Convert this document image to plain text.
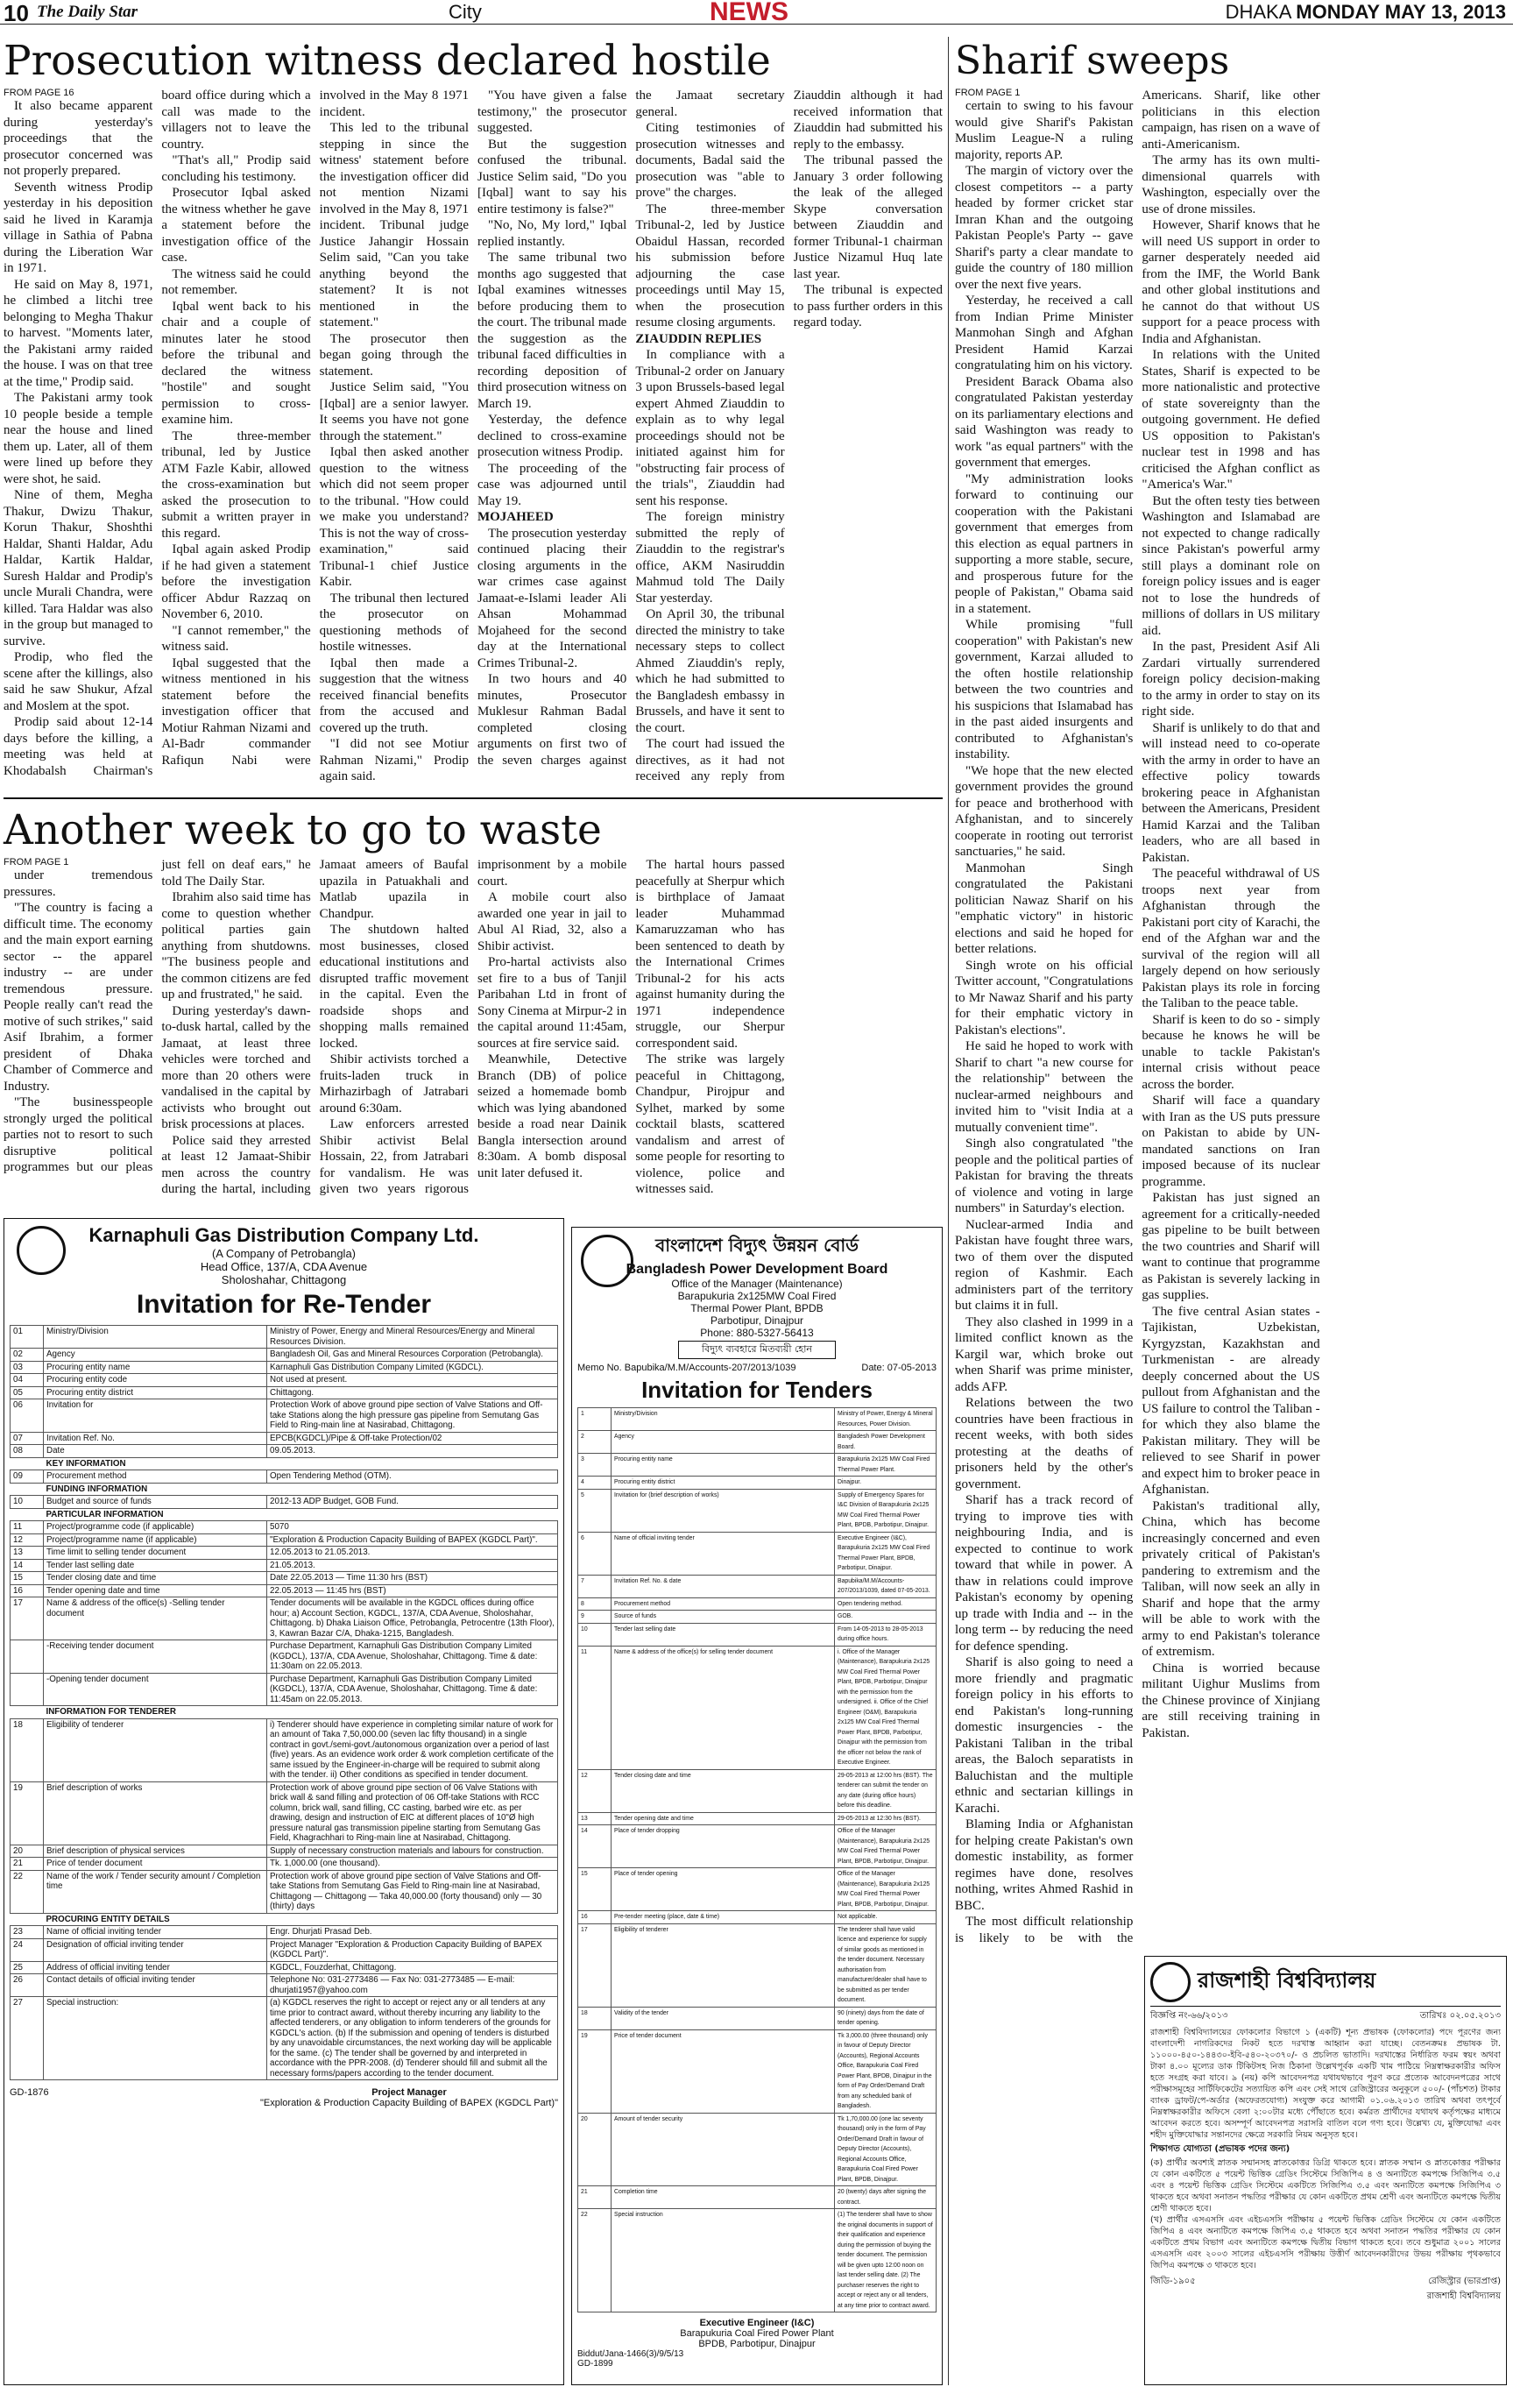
10 The Daily Star	City	NEWS	DHAKA MONDAY MAY 13, 2013
Prosecution witness declared hostile
FROM PAGE 16

It also became apparent during yesterday's proceedings that the prosecutor concerned was not properly prepared.

Seventh witness Prodip yesterday in his deposition said he lived in Karamja village in Sathia of Pabna during the Liberation War in 1971.

He said on May 8, 1971, he climbed a litchi tree belonging to Megha Thakur to harvest. "Moments later, the Pakistani army raided the house. I was on that tree at the time," Prodip said.

The Pakistani army took 10 people beside a temple near the house and lined them up. Later, all of them were lined up before they were shot, he said.

Nine of them, Megha Thakur, Dwizu Thakur, Korun Thakur, Shoshthi Haldar, Shanti Haldar, Adu Haldar, Kartik Haldar, Suresh Haldar and Prodip's uncle Murali Chandra, were killed. Tara Haldar was also in the group but managed to survive.

Prodip, who fled the scene after the killings, also said he saw Shukur, Afzal and Moslem at the spot.

Prodip said about 12-14 days before the killing, a meeting was held at Khodabalsh Chairman's board office during which a call was made to the villagers not to leave the country.

"That's all," Prodip said concluding his testimony.

Prosecutor Iqbal asked the witness whether he gave a statement before the investigation office of the case.

The witness said he could not remember.

Iqbal went back to his chair and a couple of minutes later he stood before the tribunal and declared the witness "hostile" and sought permission to cross-examine him.

The three-member tribunal, led by Justice ATM Fazle Kabir, allowed the cross-examination but asked the prosecution to submit a written prayer in this regard.

Iqbal again asked Prodip if he had given a statement before the investigation officer Abdur Razzaq on November 6, 2010.

"I cannot remember," the witness said.

Iqbal suggested that the witness mentioned in his statement before the investigation officer that Motiur Rahman Nizami and Al-Badr commander Rafiqun Nabi were involved in the May 8 1971 incident.

This led to the tribunal stepping in since the witness' statement before the investigation officer did not mention Nizami involved in the May 8, 1971 incident. Tribunal judge Justice Jahangir Hossain Selim said, "Can you take anything beyond the statement? It is not mentioned in the statement."

The prosecutor then began going through the statement.

Justice Selim said, "You [Iqbal] are a senior lawyer. It seems you have not gone through the statement."

Iqbal then asked another question to the witness which did not seem proper to the tribunal. "How could we make you understand? This is not the way of cross-examination," said Tribunal-1 chief Justice Kabir.

The tribunal then lectured the prosecutor on questioning methods of hostile witnesses.

Iqbal then made a suggestion that the witness received financial benefits from the accused and covered up the truth.

"I did not see Motiur Rahman Nizami," Prodip again said.

"You have given a false testimony," the prosecutor suggested.

But the suggestion confused the tribunal. Justice Selim said, "Do you [Iqbal] want to say his entire testimony is false?"

"No, No, My lord," Iqbal replied instantly.

The same tribunal two months ago suggested that Iqbal examines witnesses before producing them to the court. The tribunal made the suggestion as the tribunal faced difficulties in recording deposition of third prosecution witness on March 19.

Yesterday, the defence declined to cross-examine prosecution witness Prodip.

The proceeding of the case was adjourned until May 19.

MOJAHEED

The prosecution yesterday continued placing their closing arguments in the war crimes case against Jamaat-e-Islami leader Ali Ahsan Mohammad Mojaheed for the second day at the International Crimes Tribunal-2.

In two hours and 40 minutes, Prosecutor Muklesur Rahman Badal completed closing arguments on first two of the seven charges against the Jamaat secretary general.

Citing testimonies of prosecution witnesses and documents, Badal said the prosecution was "able to prove" the charges.

The three-member Tribunal-2, led by Justice Obaidul Hassan, recorded his submission before adjourning the case proceedings until May 15, when the prosecution resume closing arguments.

ZIAUDDIN REPLIES

In compliance with a Tribunal-2 order on January 3 upon Brussels-based legal expert Ahmed Ziauddin to explain as to why legal proceedings should not be initiated against him for "obstructing fair process of the trials", Ziauddin had sent his response.

The foreign ministry submitted the reply of Ziauddin to the registrar's office, AKM Nasiruddin Mahmud told The Daily Star yesterday.

On April 30, the tribunal directed the ministry to take necessary steps to collect Ahmed Ziauddin's reply, which he had submitted to the Bangladesh embassy in Brussels, and have it sent to the court.

The court had issued the directives, as it had not received any reply from Ziauddin although it had received information that Ziauddin had submitted his reply to the embassy.

The tribunal passed the January 3 order following the leak of the alleged Skype conversation between Ziauddin and former Tribunal-1 chairman Justice Nizamul Huq late last year.

The tribunal is expected to pass further orders in this regard today.

Another week to go to waste
FROM PAGE 1

under tremendous pressures.

"The country is facing a difficult time. The economy and the main export earning sector -- the apparel industry -- are under tremendous pressure. People really can't read the motive of such strikes," said Asif Ibrahim, a former president of Dhaka Chamber of Commerce and Industry.

"The businesspeople strongly urged the political parties not to resort to such disruptive political programmes but our pleas just fell on deaf ears," he told The Daily Star.

Ibrahim also said time has come to question whether political parties gain anything from shutdowns. "The business people and the common citizens are fed up and frustrated," he said.

During yesterday's dawn-to-dusk hartal, called by the Jamaat, at least three vehicles were torched and more than 20 others were vandalised in the capital by activists who brought out brisk processions at places.

Police said they arrested at least 12 Jamaat-Shibir men across the country during the hartal, including Jamaat ameers of Baufal upazila in Patuakhali and Matlab upazila in Chandpur.

The shutdown halted most businesses, closed educational institutions and disrupted traffic movement in the capital. Even the roadside shops and shopping malls remained locked.

Shibir activists torched a fruits-laden truck in Mirhazirbagh of Jatrabari around 6:30am.

Law enforcers arrested Shibir activist Belal Hossain, 22, from Jatrabari for vandalism. He was given two years rigorous imprisonment by a mobile court.

A mobile court also awarded one year in jail to Abul Al Riad, 32, also a Shibir activist.

Pro-hartal activists also set fire to a bus of Tanjil Paribahan Ltd in front of Sony Cinema at Mirpur-2 in the capital around 11:45am, sources at fire service said.

Meanwhile, Detective Branch (DB) of police seized a homemade bomb which was lying abandoned beside a road near Dainik Bangla intersection around 8:30am. A bomb disposal unit later defused it.

The hartal hours passed peacefully at Sherpur which is birthplace of Jamaat leader Muhammad Kamaruzzaman who has been sentenced to death by the International Crimes Tribunal-2 for his acts against humanity during the 1971 independence struggle, our Sherpur correspondent said.

The strike was largely peaceful in Chittagong, Chandpur, Pirojpur and Sylhet, marked by some cocktail blasts, scattered vandalism and arrest of some people for resorting to violence, police and witnesses said.

Sharif sweeps
FROM PAGE 1

certain to swing to his favour would give Sharif's Pakistan Muslim League-N a ruling majority, reports AP.

The margin of victory over the closest competitors -- a party headed by former cricket star Imran Khan and the outgoing Pakistan People's Party -- gave Sharif's party a clear mandate to guide the country of 180 million over the next five years.

Yesterday, he received a call from Indian Prime Minister Manmohan Singh and Afghan President Hamid Karzai congratulating him on his victory.

President Barack Obama also congratulated Pakistan yesterday on its parliamentary elections and said Washington was ready to work "as equal partners" with the government that emerges.

"My administration looks forward to continuing our cooperation with the Pakistani government that emerges from this election as equal partners in supporting a more stable, secure, and prosperous future for the people of Pakistan," Obama said in a statement.

While promising "full cooperation" with Pakistan's new government, Karzai alluded to the often hostile relationship between the two countries and his suspicions that Islamabad has in the past aided insurgents and contributed to Afghanistan's instability.

"We hope that the new elected government provides the ground for peace and brotherhood with Afghanistan, and to sincerely cooperate in rooting out terrorist sanctuaries," he said.

Manmohan Singh congratulated the Pakistani politician Nawaz Sharif on his "emphatic victory" in historic elections and said he hoped for better relations.

Singh wrote on his official Twitter account, "Congratulations to Mr Nawaz Sharif and his party for their emphatic victory in Pakistan's elections".

He said he hoped to work with Sharif to chart "a new course for the relationship" between the nuclear-armed neighbours and invited him to "visit India at a mutually convenient time".

Singh also congratulated "the people and the political parties of Pakistan for braving the threats of violence and voting in large numbers" in Saturday's election.

Nuclear-armed India and Pakistan have fought three wars, two of them over the disputed region of Kashmir. Each administers part of the territory but claims it in full.

They also clashed in 1999 in a limited conflict known as the Kargil war, which broke out when Sharif was prime minister, adds AFP.

Relations between the two countries have been fractious in recent weeks, with both sides protesting at the deaths of prisoners held by the other's government.

Sharif has a track record of trying to improve ties with neighbouring India, and is expected to continue to work toward that while in power. A thaw in relations could improve Pakistan's economy by opening up trade with India and -- in the long term -- by reducing the need for defence spending.

Sharif is also going to need a more friendly and pragmatic foreign policy in his efforts to end Pakistan's long-running domestic insurgencies - the Pakistani Taliban in the tribal areas, the Baloch separatists in Baluchistan and the multiple ethnic and sectarian killings in Karachi.

Blaming India or Afghanistan for helping create Pakistan's own domestic instability, as former regimes have done, resolves nothing, writes Ahmed Rashid in BBC.

The most difficult relationship is likely to be with the Americans. Sharif, like other politicians in this election campaign, has risen on a wave of anti-Americanism.

The army has its own multi-dimensional quarrels with Washington, especially over the use of drone missiles.

However, Sharif knows that he will need US support in order to garner desperately needed aid from the IMF, the World Bank and other global institutions and he cannot do that without US support for a peace process with India and Afghanistan.

In relations with the United States, Sharif is expected to be more nationalistic and protective of state sovereignty than the outgoing government. He defied US opposition to Pakistan's nuclear test in 1998 and has criticised the Afghan conflict as "America's War."

But the often testy ties between Washington and Islamabad are not expected to change radically since Pakistan's powerful army still plays a dominant role on foreign policy issues and is eager not to lose the hundreds of millions of dollars in US military aid.

In the past, President Asif Ali Zardari virtually surrendered foreign policy decision-making to the army in order to stay on its right side.

Sharif is unlikely to do that and will instead need to co-operate with the army in order to have an effective policy towards brokering peace in Afghanistan between the Americans, President Hamid Karzai and the Taliban leaders, who are all based in Pakistan.

The peaceful withdrawal of US troops next year from Afghanistan through the Pakistani port city of Karachi, the end of the Afghan war and the survival of the region will all largely depend on how seriously Pakistan plays its role in forcing the Taliban to the peace table.

Sharif is keen to do so - simply because he knows he will be unable to tackle Pakistan's internal crisis without peace across the border.

Sharif will face a quandary with Iran as the US puts pressure on Pakistan to abide by UN-mandated sanctions on Iran imposed because of its nuclear programme.

Pakistan has just signed an agreement for a critically-needed gas pipeline to be built between the two countries and Sharif will want to continue that programme as Pakistan is severely lacking in gas supplies.

The five central Asian states - Tajikistan, Uzbekistan, Kyrgyzstan, Kazakhstan and Turkmenistan - are already deeply concerned about the US pullout from Afghanistan and the US failure to control the Taliban - for which they also blame the Pakistan military. They will be relieved to see Sharif in power and expect him to broker peace in Afghanistan.

Pakistan's traditional ally, China, which has become increasingly concerned and even privately critical of Pakistan's pandering to extremism and the Taliban, will now seek an ally in Sharif and hope that the army will be able to work with the army to end Pakistan's tolerance of extremism.

China is worried because militant Uighur Muslims from the Chinese province of Xinjiang are still receiving training in Pakistan.

Karnaphuli Gas Distribution Company Ltd.
(A Company of Petrobangla)
Head Office, 137/A, CDA Avenue
Sholoshahar, Chittagong
Invitation for Re-Tender
01	Ministry/Division	Ministry of Power, Energy and Mineral Resources/Energy and Mineral Resources Division.
02	Agency	Bangladesh Oil, Gas and Mineral Resources Corporation (Petrobangla).
03	Procuring entity name	Karnaphuli Gas Distribution Company Limited (KGDCL).
04	Procuring entity code	Not used at present.
05	Procuring entity district	Chittagong.
06	Invitation for	Protection Work of above ground pipe section of Valve Stations and Off-take Stations along the high pressure gas pipeline from Semutang Gas Field to Ring-main line at Nasirabad, Chittagong.
07	Invitation Ref. No.	EPCB(KGDCL)/Pipe & Off-take Protection/02
08	Date	09.05.2013.
	KEY INFORMATION	
09	Procurement method	Open Tendering Method (OTM).
	FUNDING INFORMATION	
10	Budget and source of funds	2012-13 ADP Budget, GOB Fund.
	PARTICULAR INFORMATION	
11	Project/programme code (if applicable)	5070
12	Project/programme name (if applicable)	"Exploration & Production Capacity Building of BAPEX (KGDCL Part)".
13	Time limit to selling tender document	12.05.2013 to 21.05.2013.
14	Tender last selling date	21.05.2013.
15	Tender closing date and time	Date 22.05.2013 — Time 11:30 hrs (BST)
16	Tender opening date and time	22.05.2013 — 11:45 hrs (BST)
17	Name & address of the office(s) -Selling tender document	Tender documents will be available in the KGDCL offices during office hour; a) Account Section, KGDCL, 137/A, CDA Avenue, Sholoshahar, Chittagong. b) Dhaka Liaison Office, Petrobangla, Petrocentre (13th Floor), 3, Kawran Bazar C/A, Dhaka-1215, Bangladesh.
	-Receiving tender document	Purchase Department, Karnaphuli Gas Distribution Company Limited (KGDCL), 137/A, CDA Avenue, Sholoshahar, Chittagong. Time & date: 11:30am on 22.05.2013.
	-Opening tender document	Purchase Department, Karnaphuli Gas Distribution Company Limited (KGDCL), 137/A, CDA Avenue, Sholoshahar, Chittagong. Time & date: 11:45am on 22.05.2013.
	INFORMATION FOR TENDERER	
18	Eligibility of tenderer	i) Tenderer should have experience in completing similar nature of work for an amount of Taka 7,50,000.00 (seven lac fifty thousand) in a single contract in govt./semi-govt./autonomous organization over a period of last (five) years. As an evidence work order & work completion certificate of the same issued by the Engineer-in-charge will be required to submit along with the tender. ii) Other conditions as specified in tender document.
19	Brief description of works	Protection work of above ground pipe section of 06 Valve Stations with brick wall & sand filling and protection of 06 Off-take Stations with RCC column, brick wall, sand filling, CC casting, barbed wire etc. as per drawing, design and instruction of EIC at different places of 10"Ø high pressure natural gas transmission pipeline starting from Semutang Gas Field, Khagrachhari to Ring-main line at Nasirabad, Chittagong.
20	Brief description of physical services	Supply of necessary construction materials and labours for construction.
21	Price of tender document	Tk. 1,000.00 (one thousand).
22	Name of the work / Tender security amount / Completion time	Protection work of above ground pipe section of Valve Stations and Off-take Stations from Semutang Gas Field to Ring-main line at Nasirabad, Chittagong — Chittagong — Taka 40,000.00 (forty thousand) only — 30 (thirty) days
	PROCURING ENTITY DETAILS	
23	Name of official inviting tender	Engr. Dhurjati Prasad Deb.
24	Designation of official inviting tender	Project Manager "Exploration & Production Capacity Building of BAPEX (KGDCL Part)".
25	Address of official inviting tender	KGDCL, Fouzderhat, Chittagong.
26	Contact details of official inviting tender	Telephone No: 031-2773486 — Fax No: 031-2773485 — E-mail: dhurjati1957@yahoo.com
27	Special instruction:	(a) KGDCL reserves the right to accept or reject any or all tenders at any time prior to contract award, without thereby incurring any liability to the affected tenderers, or any obligation to inform tenderers of the grounds for KGDCL's action. (b) If the submission and opening of tenders is disturbed by any unavoidable circumstances, the next working day will be applicable for the same. (c) The tender shall be governed by and interpreted in accordance with the PPR-2008. (d) Tenderer should fill and submit all the necessary forms/papers according to the tender document.
GD-1876	Project Manager
"Exploration & Production Capacity Building of BAPEX (KGDCL Part)"
বাংলাদেশ বিদ্যুৎ উন্নয়ন বোর্ড
Bangladesh Power Development Board
Office of the Manager (Maintenance)
Barapukuria 2x125MW Coal Fired
Thermal Power Plant, BPDB
Parbotipur, Dinajpur
Phone: 880-5327-56413
বিদ্যুৎ ব্যবহারে মিতব্যয়ী হোন
Memo No. Bapubika/M.M/Accounts-207/2013/1039	Date: 07-05-2013
Invitation for Tenders
1	Ministry/Division	Ministry of Power, Energy & Mineral Resources, Power Division.
2	Agency	Bangladesh Power Development Board.
3	Procuring entity name	Barapukuria 2x125 MW Coal Fired Thermal Power Plant.
4	Procuring entity district	Dinajpur.
5	Invitation for (brief description of works)	Supply of Emergency Spares for I&C Division of Barapukuria 2x125 MW Coal Fired Thermal Power Plant, BPDB, Parbotipur, Dinajpur.
6	Name of official inviting tender	Executive Engineer (I&C), Barapukuria 2x125 MW Coal Fired Thermal Power Plant, BPDB, Parbotipur, Dinajpur.
7	Invitation Ref. No. & date	Bapubika/M.M/Accounts-207/2013/1039, dated 07-05-2013.
8	Procurement method	Open tendering method.
9	Source of funds	GOB.
10	Tender last selling date	From 14-05-2013 to 28-05-2013 during office hours.
11	Name & address of the office(s) for selling tender document	i. Office of the Manager (Maintenance), Barapukuria 2x125 MW Coal Fired Thermal Power Plant, BPDB, Parbotipur, Dinajpur with the permission from the undersigned. ii. Office of the Chief Engineer (O&M), Barapukuria 2x125 MW Coal Fired Thermal Power Plant, BPDB, Parbotipur, Dinajpur with the permission from the officer not below the rank of Executive Engineer.
12	Tender closing date and time	29-05-2013 at 12:00 hrs (BST). The tenderer can submit the tender on any date (during office hours) before this deadline.
13	Tender opening date and time	29-05-2013 at 12:30 hrs (BST).
14	Place of tender dropping	Office of the Manager (Maintenance), Barapukuria 2x125 MW Coal Fired Thermal Power Plant, BPDB, Parbotipur, Dinajpur.
15	Place of tender opening	Office of the Manager (Maintenance), Barapukuria 2x125 MW Coal Fired Thermal Power Plant, BPDB, Parbotipur, Dinajpur.
16	Pre-tender meeting (place, date & time)	Not applicable.
17	Eligibility of tenderer	The tenderer shall have valid licence and experience for supply of similar goods as mentioned in the tender document. Necessary authorisation from manufacturer/dealer shall have to be submitted as per tender document.
18	Validity of the tender	90 (ninety) days from the date of tender opening.
19	Price of tender document	Tk 3,000.00 (three thousand) only in favour of Deputy Director (Accounts), Regional Accounts Office, Barapukuria Coal Fired Power Plant, BPDB, Dinajpur in the form of Pay Order/Demand Draft from any scheduled bank of Bangladesh.
20	Amount of tender security	Tk 1,70,000.00 (one lac seventy thousand) only in the form of Pay Order/Demand Draft in favour of Deputy Director (Accounts), Regional Accounts Office, Barapukuria Coal Fired Power Plant, BPDB, Dinajpur.
21	Completion time	20 (twenty) days after signing the contract.
22	Special instruction	(1) The tenderer shall have to show the original documents in support of their qualification and experience during the permission of buying the tender document. The permission will be given upto 12:00 noon on last tender selling date. (2) The purchaser reserves the right to accept or reject any or all tenders, at any time prior to contract award.
Executive Engineer (I&C)
Barapukuria Coal Fired Power Plant
BPDB, Parbotipur, Dinajpur
Biddut/Jana-1466(3)/9/5/13
GD-1899
রাজশাহী বিশ্ববিদ্যালয়
বিজ্ঞপ্তি নং-৬৬/২০১৩	তারিখঃ ০২.০৫.২০১৩
রাজশাহী বিশ্ববিদ্যালয়ের ফোকলোর বিভাগে ১ (একটি) শূন্য প্রভাষক (ফোকলোর) পদে পূরণের জন্য বাংলাদেশী নাগরিকদের নিকট হতে দরখাস্ত আহ্বান করা যাচ্ছে। বেতনক্রমঃ প্রভাষক টা. ১১০০০-৪৫০-১৪৪৩০-ইবি-৫৪০-২০৩৭০/- ও প্রচলিত ভাতাদি। দরখাস্তের নির্ধারিত ফরম স্বয়ং অথবা টাকা ৪.০০ মূল্যের ডাক টিকিটসহ নিজ ঠিকানা উল্লেখপূর্বক একটি খাম পাঠিয়ে নিম্নস্বাক্ষরকারীর অফিস হতে সংগ্রহ করা যাবে। ৯ (নয়) কপি আবেদনপত্র যথাযথভাবে পূরণ করে প্রত্যেক আবেদনপত্রের সাথে পরীক্ষাসমূহের সার্টিফিকেটের সত্যায়িত কপি এবং সেই সাথে রেজিস্ট্রারের অনুকূলে ৫০০/- (পাঁচশত) টাকার ব্যাংক ড্রাফট/পে-অর্ডার (অফেরতযোগ্য) সংযুক্ত করে আগামী ০১.০৬.২০১৩ তারিখ অথবা তৎপূর্বে নিম্নস্বাক্ষরকারীর অফিসে বেলা ২:০০টার মধ্যে পৌঁছাতে হবে। কর্মরত প্রার্থীদের যথাযথ কর্তৃপক্ষের মাধ্যমে আবেদন করতে হবে। অসম্পূর্ণ আবেদনপত্র সরাসরি বাতিল বলে গণ্য হবে। উল্লেখ্য যে, মুক্তিযোদ্ধা এবং শহীদ মুক্তিযোদ্ধার সন্তানদের ক্ষেত্রে সরকারি নিয়ম অনুসৃত হবে।
শিক্ষাগত যোগ্যতা (প্রভাষক পদের জন্য)
(ক) প্রার্থীর অবশ্যই স্নাতক সম্মানসহ স্নাতকোত্তর ডিগ্রি থাকতে হবে। স্নাতক সম্মান ও স্নাতকোত্তর পরীক্ষার যে কোন একটিতে ৫ পয়েন্ট ভিত্তিক গ্রেডিং সিস্টেমে সিজিপিএ ৪ ও অন্যটিতে কমপক্ষে সিজিপিএ ৩.৫ এবং ৪ পয়েন্ট ভিত্তিক গ্রেডিং সিস্টেমে একটিতে সিজিপিএ ৩.৫ এবং অন্যটিতে কমপক্ষে সিজিপিএ ৩ থাকতে হবে অথবা সনাতন পদ্ধতির পরীক্ষার যে কোন একটিতে প্রথম শ্রেণী এবং অন্যটিতে কমপক্ষে দ্বিতীয় শ্রেণী থাকতে হবে।
(খ) প্রার্থীর এসএসসি এবং এইচএসসি পরীক্ষায় ৫ পয়েন্ট ভিত্তিক গ্রেডিং সিস্টেমে যে কোন একটিতে জিপিএ ৪ এবং অন্যটিতে কমপক্ষে জিপিএ ৩.৫ থাকতে হবে অথবা সনাতন পদ্ধতির পরীক্ষার যে কোন একটিতে প্রথম বিভাগ এবং অন্যটিতে কমপক্ষে দ্বিতীয় বিভাগ থাকতে হবে। তবে শুধুমাত্র ২০০১ সালের এসএসসি এবং ২০০৩ সালের এইচএসসি পরীক্ষায় উত্তীর্ণ আবেদনকারীদের উভয় পরীক্ষায় পৃথকভাবে জিপিএ কমপক্ষে ৩ থাকতে হবে।
জিডি-১৯০৫	রেজিস্ট্রার (ভারপ্রাপ্ত)
রাজশাহী বিশ্ববিদ্যালয়
